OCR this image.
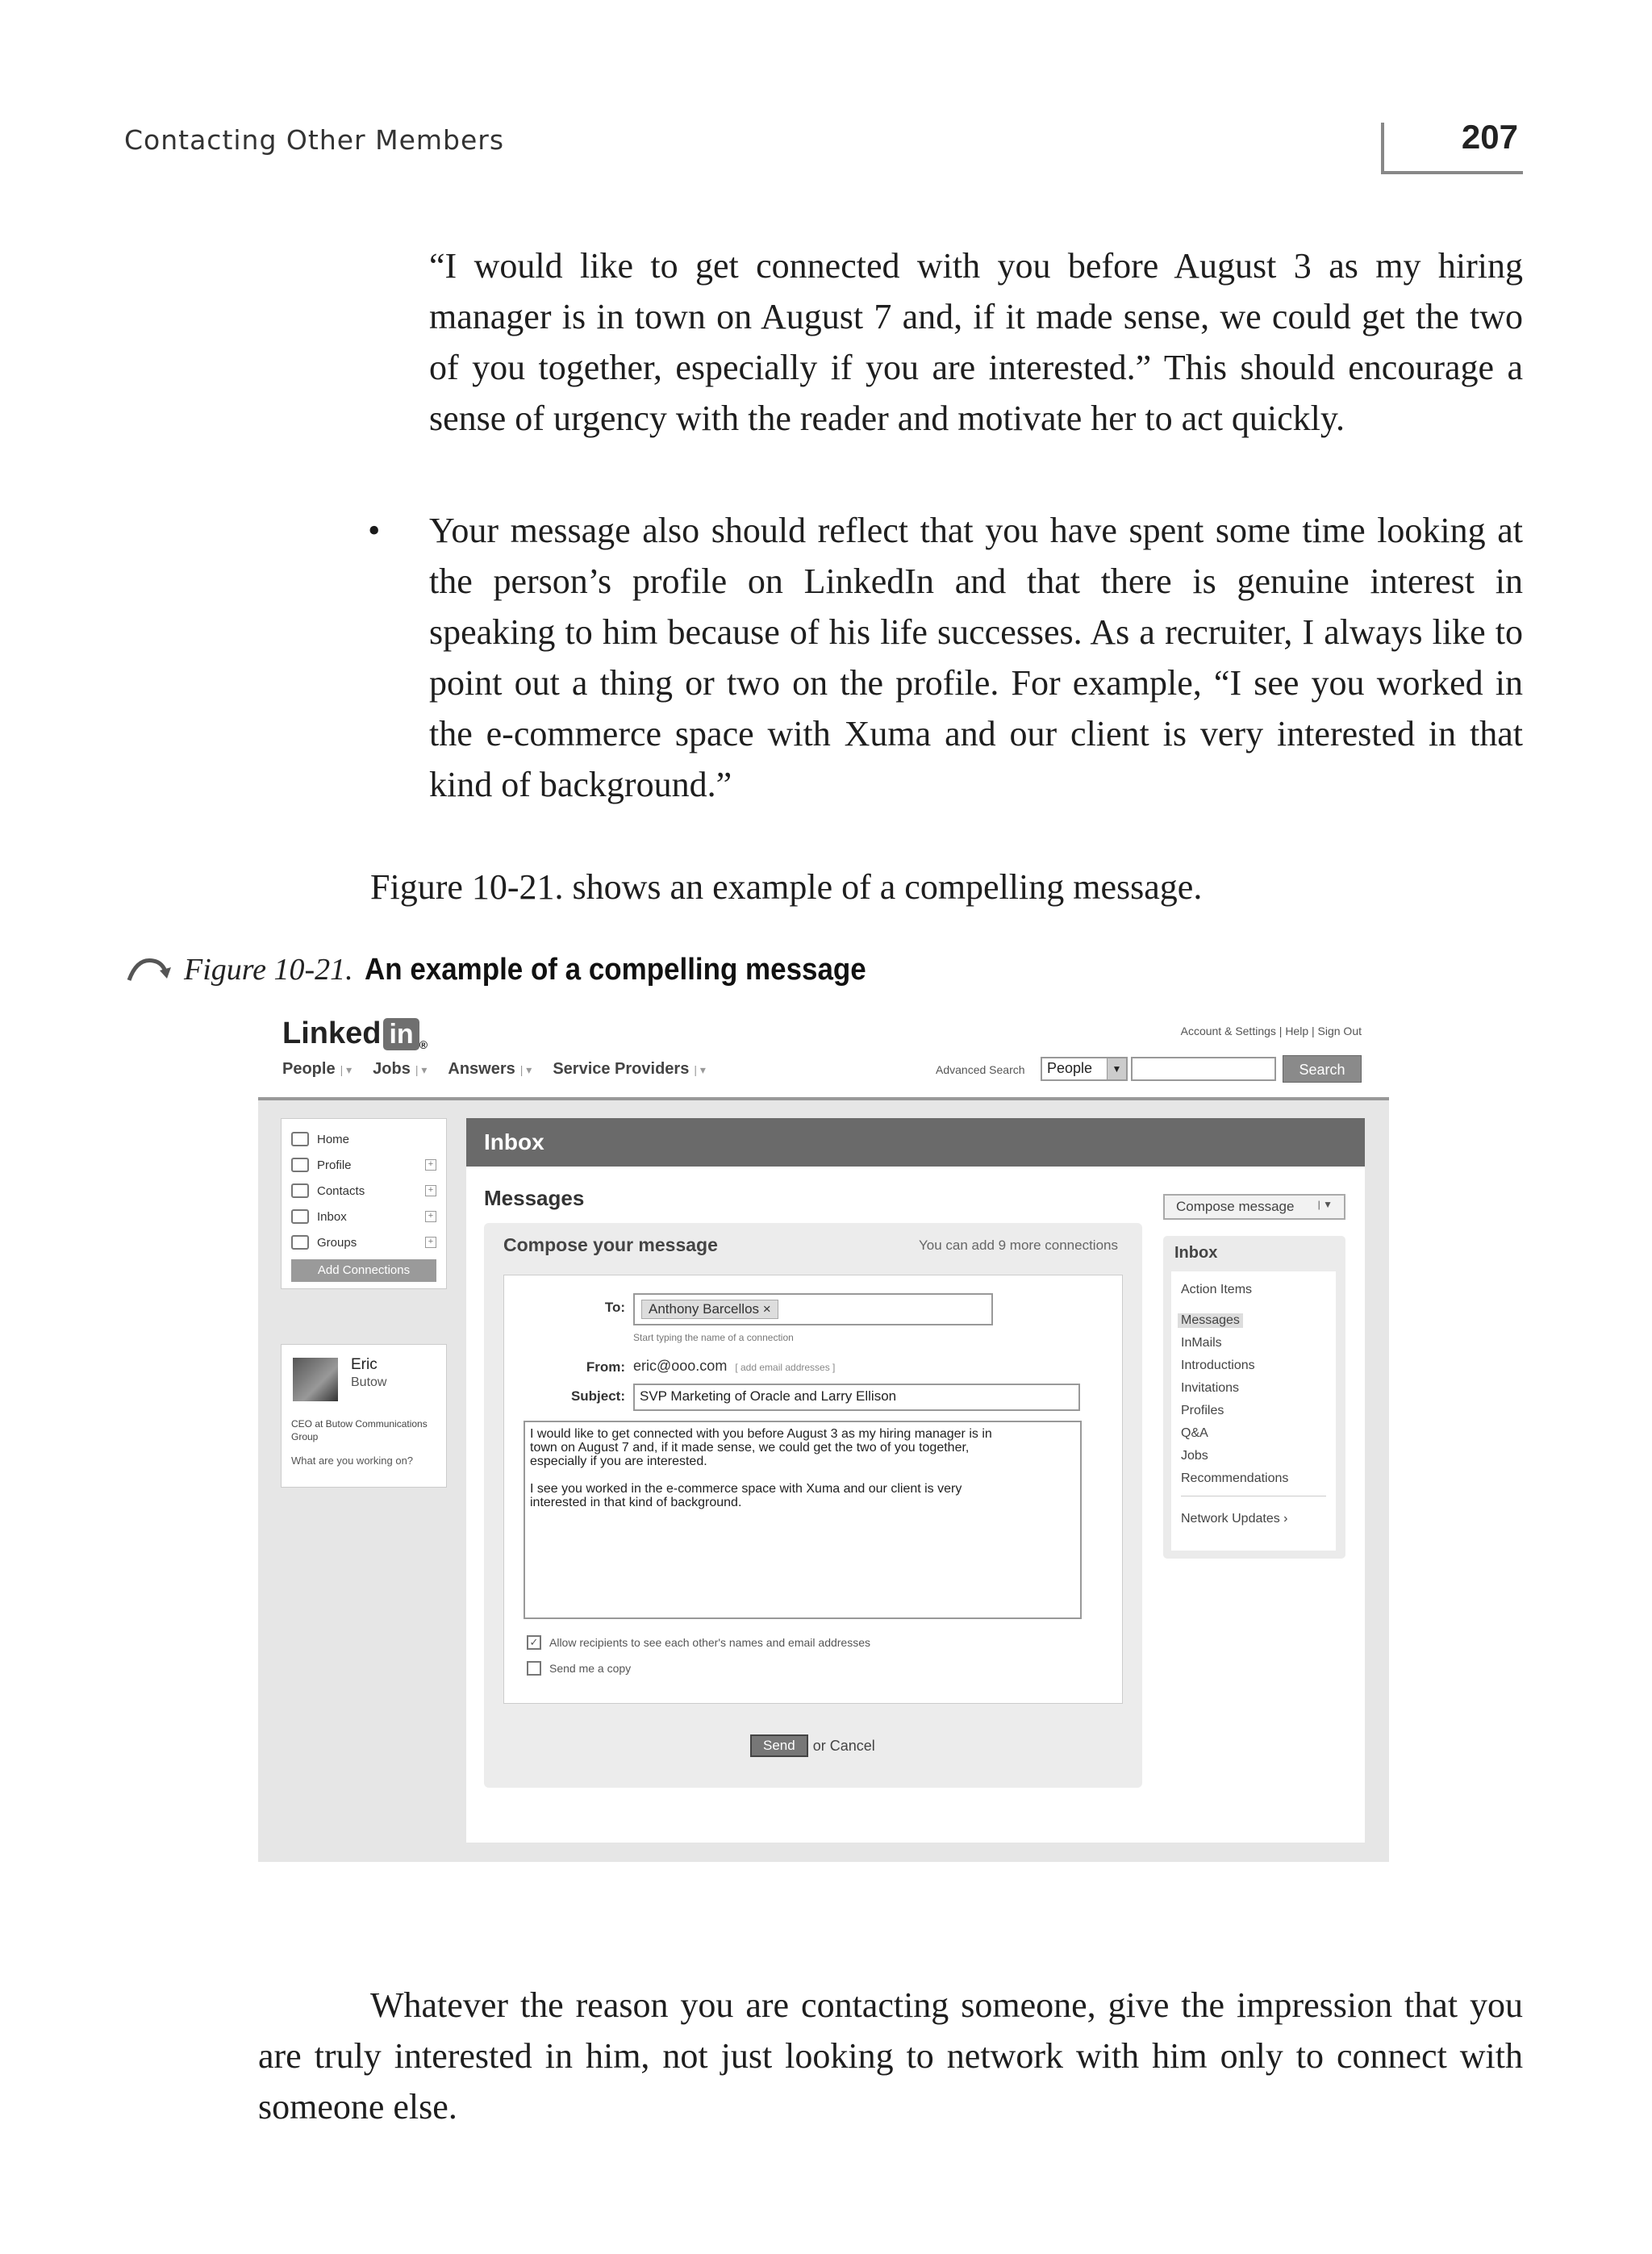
Contacting Other Members	207

“I would like to get connected with you before August 3 as my hiring manager is in town on August 7 and, if it made sense, we could get the two of you together, especially if you are interested.” This should encourage a sense of urgency with the reader and motivate her to act quickly.

• Your message also should reflect that you have spent some time looking at the person’s profile on LinkedIn and that there is genuine interest in speaking to him because of his life successes. As a recruiter, I always like to point out a thing or two on the profile. For example, “I see you worked in the e-commerce space with Xuma and our client is very interested in that kind of background.”

Figure 10-21. shows an example of a compelling message.

Figure 10-21. An example of a compelling message
Linked in ®
Account & Settings | Help | Sign Out
People | ▾ Jobs | ▾ Answers | ▾ Service Providers | ▾	Advanced Search	People	▼	Search
Home
Profile	+
Contacts	+
Inbox	+
Groups	+
Add Connections
Eric
Butow
CEO at Butow Communications Group
What are you working on?
Inbox
Messages
Compose your message	You can add 9 more connections
To:	Anthony Barcellos ×
Start typing the name of a connection
From: eric@ooo.com [ add email addresses ]
Subject:	SVP Marketing of Oracle and Larry Ellison
I would like to get connected with you before August 3 as my hiring manager is in
town on August 7 and, if it made sense, we could get the two of you together,
especially if you are interested.

I see you worked in the e-commerce space with Xuma and our client is very
interested in that kind of background.
✓ Allow recipients to see each other's names and email addresses
Send me a copy
Send	or Cancel
Compose message | ▼
Inbox
Action Items
Messages
InMails
Introductions
Invitations
Profiles
Q&A
Jobs
Recommendations
Network Updates ›

Whatever the reason you are contacting someone, give the impression that you are truly interested in him, not just looking to network with him only to connect with someone else.
